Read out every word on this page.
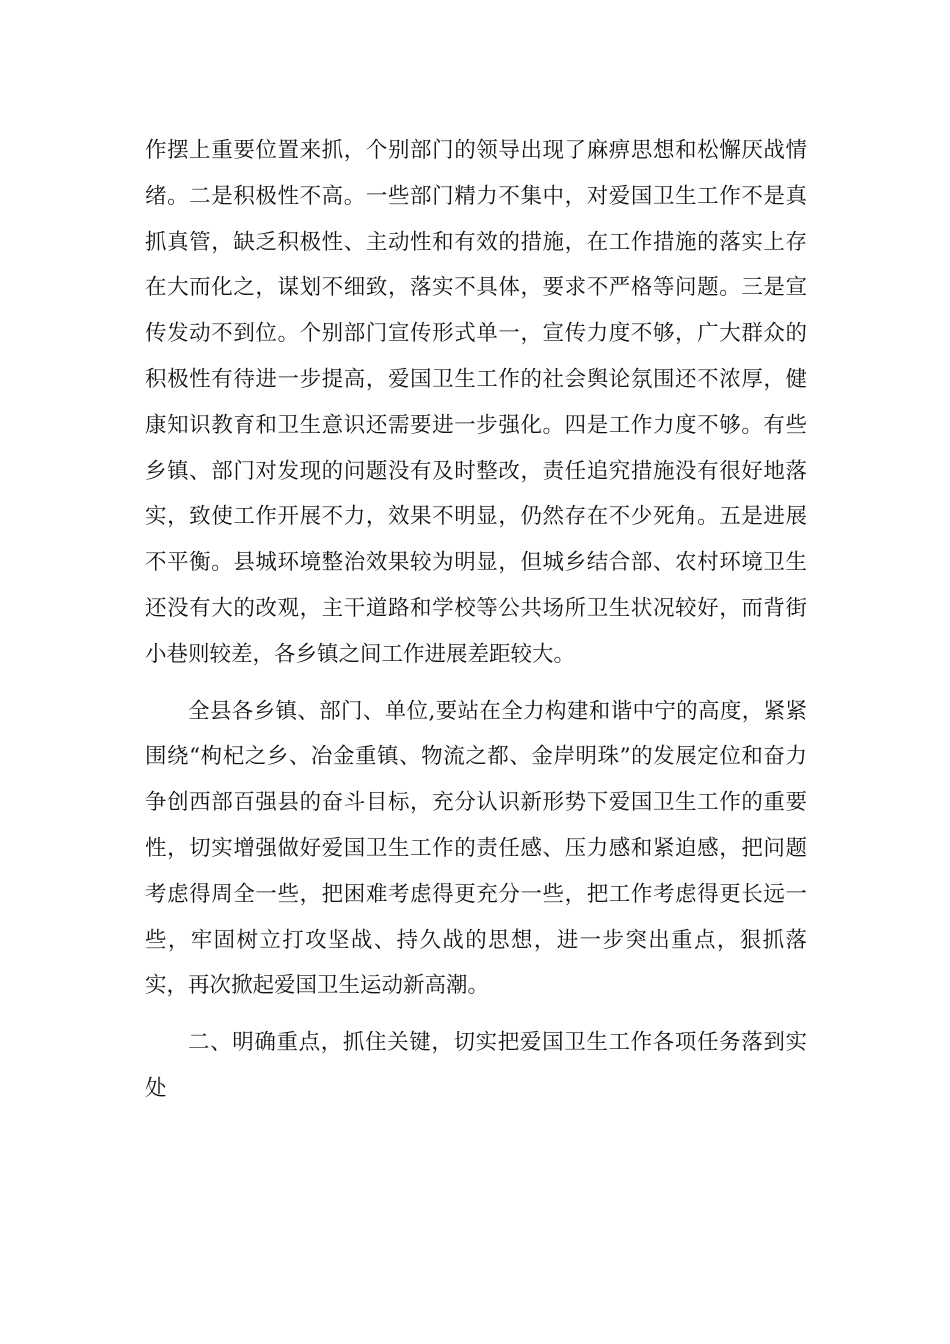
作摆上重要位置来抓，个别部门的领导出现了麻痹思想和松懈厌战情绪。二是积极性不高。一些部门精力不集中，对爱国卫生工作不是真抓真管，缺乏积极性、主动性和有效的措施，在工作措施的落实上存在大而化之，谋划不细致，落实不具体，要求不严格等问题。三是宣传发动不到位。个别部门宣传形式单一，宣传力度不够，广大群众的积极性有待进一步提高，爱国卫生工作的社会舆论氛围还不浓厚，健康知识教育和卫生意识还需要进一步强化。四是工作力度不够。有些乡镇、部门对发现的问题没有及时整改，责任追究措施没有很好地落实，致使工作开展不力，效果不明显，仍然存在不少死角。五是进展不平衡。县城环境整治效果较为明显，但城乡结合部、农村环境卫生还没有大的改观，主干道路和学校等公共场所卫生状况较好，而背街小巷则较差，各乡镇之间工作进展差距较大。

全县各乡镇、部门、单位,要站在全力构建和谐中宁的高度，紧紧围绕“枸杞之乡、冶金重镇、物流之都、金岸明珠”的发展定位和奋力争创西部百强县的奋斗目标，充分认识新形势下爱国卫生工作的重要性，切实增强做好爱国卫生工作的责任感、压力感和紧迫感，把问题考虑得周全一些，把困难考虑得更充分一些，把工作考虑得更长远一些，牢固树立打攻坚战、持久战的思想，进一步突出重点，狠抓落实，再次掀起爱国卫生运动新高潮。

二、明确重点，抓住关键，切实把爱国卫生工作各项任务落到实处
